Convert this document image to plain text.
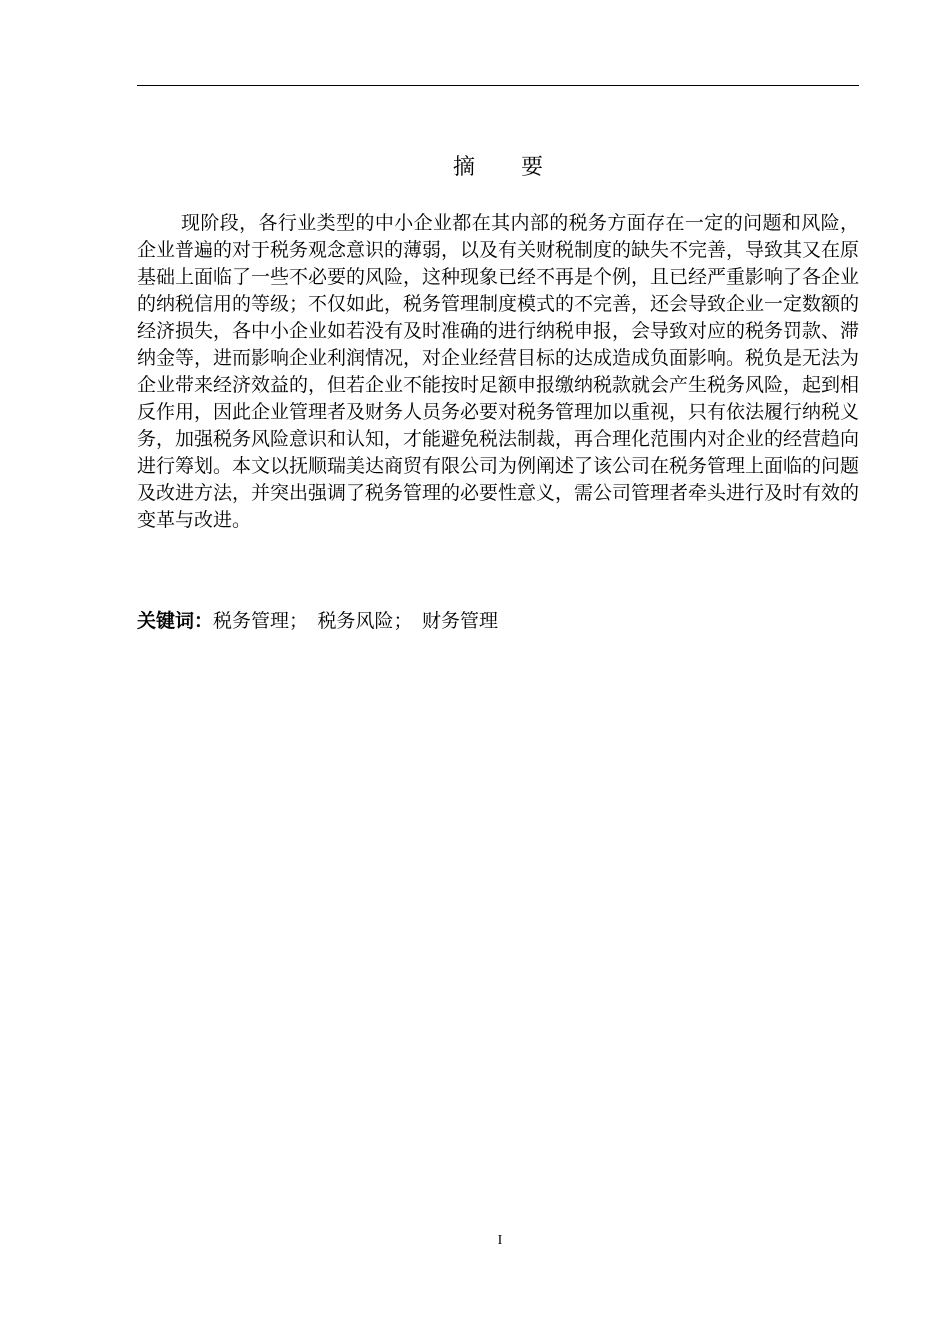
摘要

现阶段，各行业类型的中小企业都在其内部的税务方面存在一定的问题和风险，企业普遍的对于税务观念意识的薄弱，以及有关财税制度的缺失不完善，导致其又在原基础上面临了一些不必要的风险，这种现象已经不再是个例，且已经严重影响了各企业的纳税信用的等级；不仅如此，税务管理制度模式的不完善，还会导致企业一定数额的经济损失，各中小企业如若没有及时准确的进行纳税申报，会导致对应的税务罚款、滞纳金等，进而影响企业利润情况，对企业经营目标的达成造成负面影响。税负是无法为企业带来经济效益的，但若企业不能按时足额申报缴纳税款就会产生税务风险，起到相反作用，因此企业管理者及财务人员务必要对税务管理加以重视，只有依法履行纳税义务，加强税务风险意识和认知，才能避免税法制裁，再合理化范围内对企业的经营趋向进行筹划。本文以抚顺瑞美达商贸有限公司为例阐述了该公司在税务管理上面临的问题及改进方法，并突出强调了税务管理的必要性意义，需公司管理者牵头进行及时有效的变革与改进。

关键词：税务管理；　税务风险；　财务管理
I
